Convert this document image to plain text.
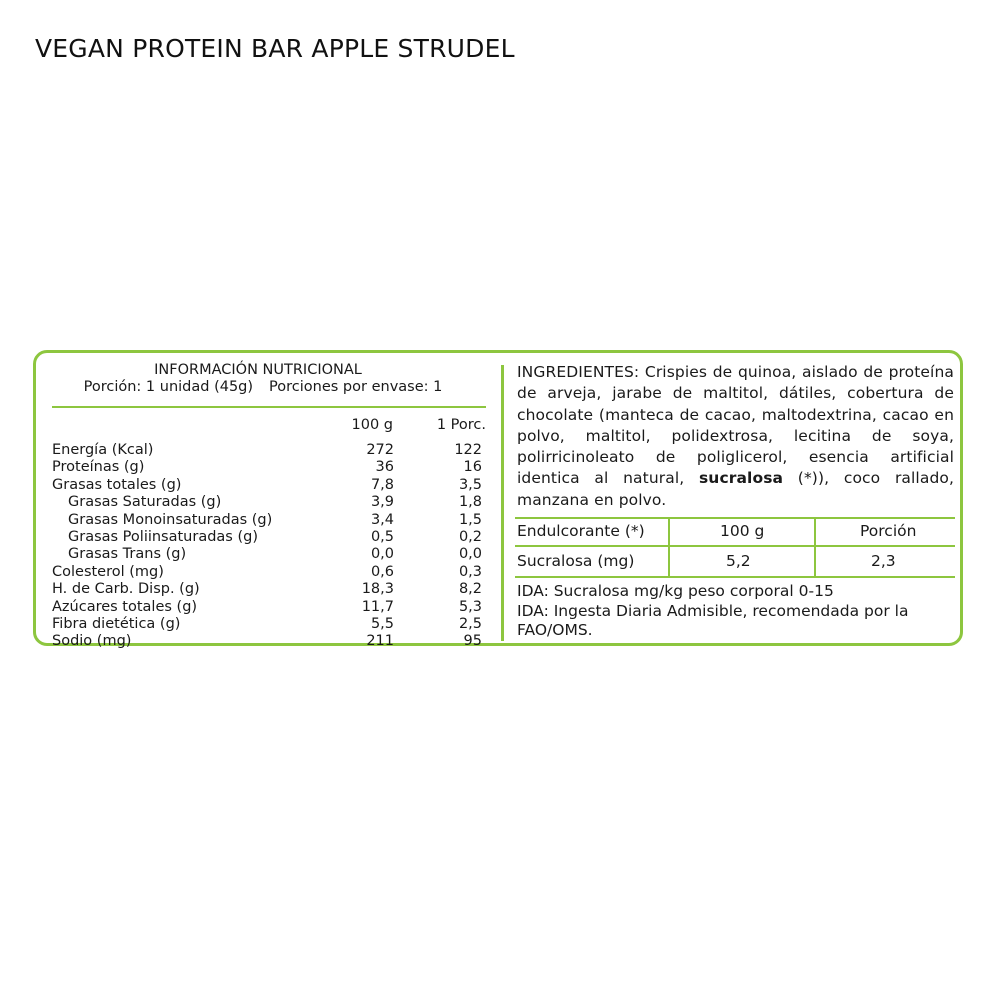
VEGAN PROTEIN BAR APPLE STRUDEL
INFORMACIÓN NUTRICIONAL
Porción: 1 unidad (45g) Porciones por envase: 1
100 g	1 Porc.
Energía (Kcal)	272	122
Proteínas (g)	36	16
Grasas totales (g)	7,8	3,5
Grasas Saturadas (g)	3,9	1,8
Grasas Monoinsaturadas (g)	3,4	1,5
Grasas Poliinsaturadas (g)	0,5	0,2
Grasas Trans (g)	0,0	0,0
Colesterol (mg)	0,6	0,3
H. de Carb. Disp. (g)	18,3	8,2
Azúcares totales (g)	11,7	5,3
Fibra dietética (g)	5,5	2,5
Sodio (mg)	211	95
INGREDIENTES: Crispies de quinoa, aislado de proteína de arveja, jarabe de maltitol, dátiles, cobertura de chocolate (manteca de cacao, maltodextrina, cacao en polvo, maltitol, polidextrosa, lecitina de soya, polirricinoleato de poliglicerol, esencia artificial identica al natural, sucralosa (*)), coco rallado, manzana en polvo.
Endulcorante (*)	100 g	Porción
Sucralosa (mg)	5,2	2,3
IDA: Sucralosa mg/kg peso corporal 0-15
IDA: Ingesta Diaria Admisible, recomendada por la FAO/OMS.
